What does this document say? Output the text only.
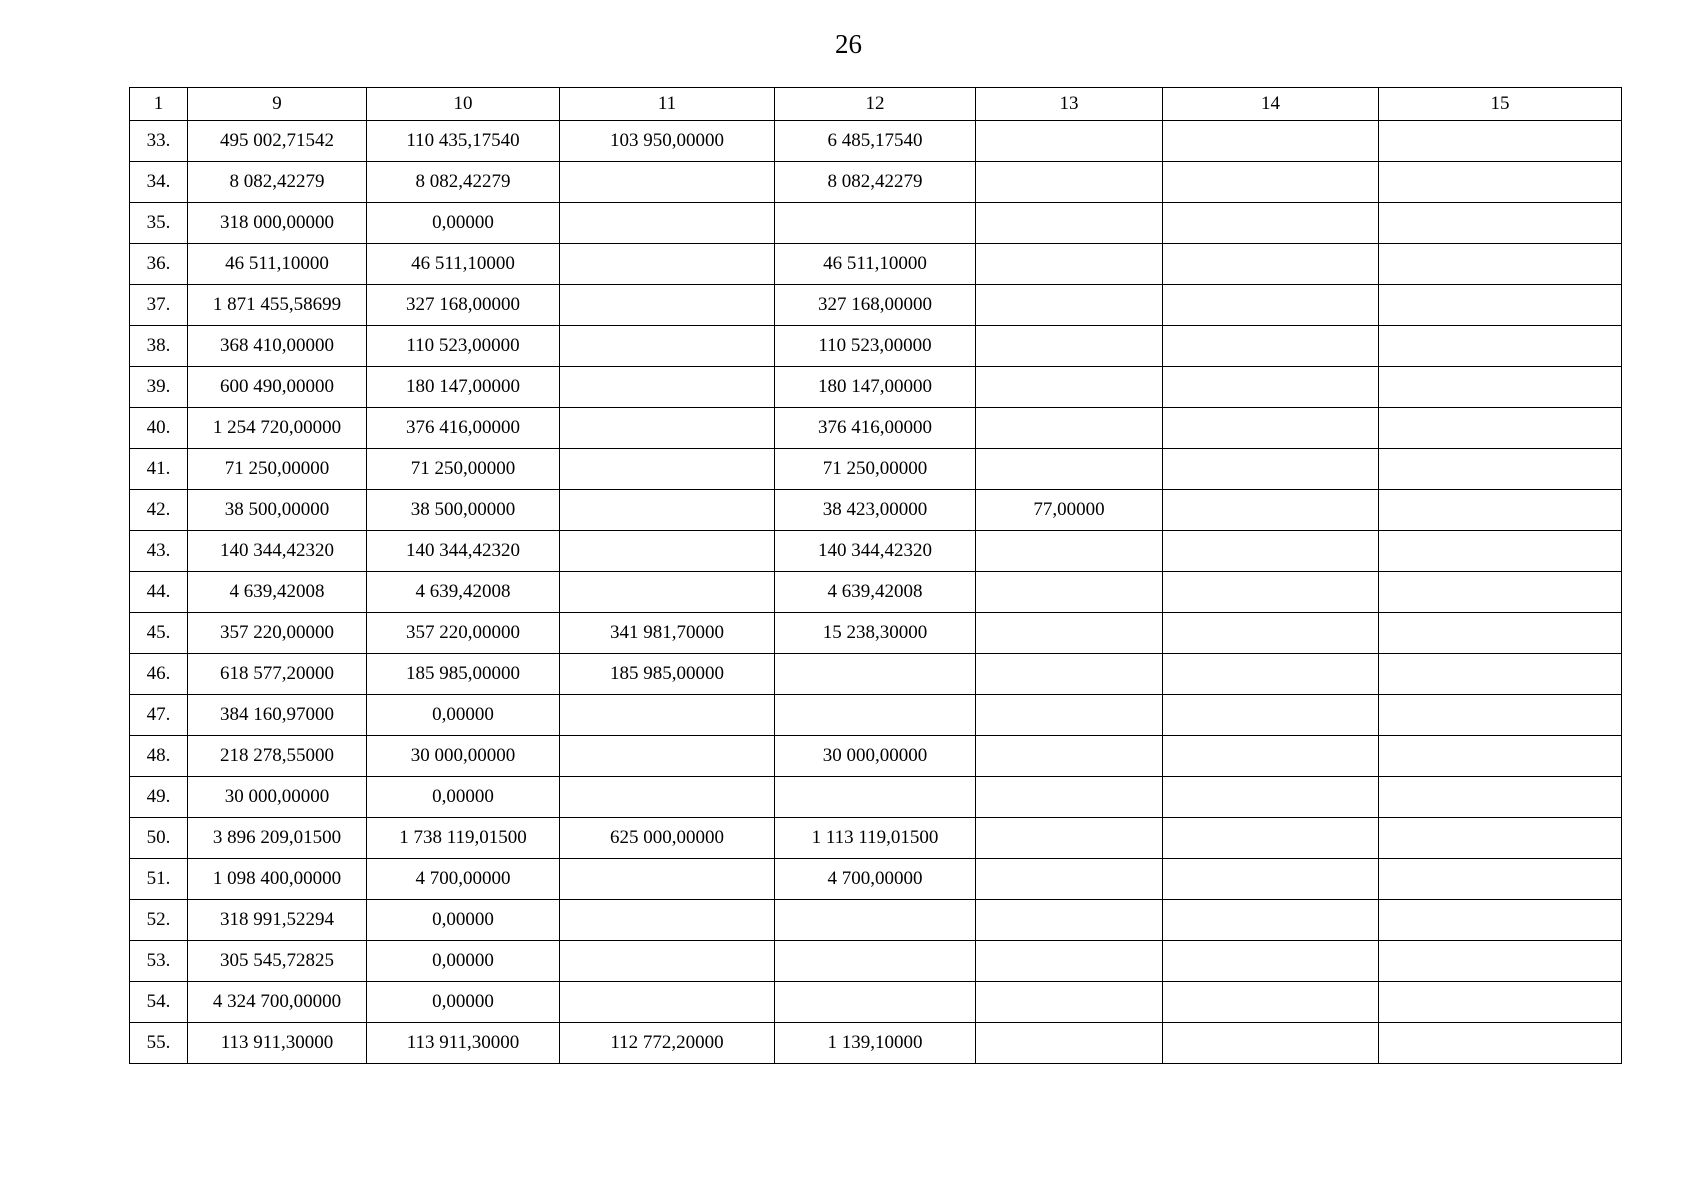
26
1	9	10	11	12	13	14	15
33.	495 002,71542	110 435,17540	103 950,00000	6 485,17540			
34.	8 082,42279	8 082,42279		8 082,42279			
35.	318 000,00000	0,00000					
36.	46 511,10000	46 511,10000		46 511,10000			
37.	1 871 455,58699	327 168,00000		327 168,00000			
38.	368 410,00000	110 523,00000		110 523,00000			
39.	600 490,00000	180 147,00000		180 147,00000			
40.	1 254 720,00000	376 416,00000		376 416,00000			
41.	71 250,00000	71 250,00000		71 250,00000			
42.	38 500,00000	38 500,00000		38 423,00000	77,00000		
43.	140 344,42320	140 344,42320		140 344,42320			
44.	4 639,42008	4 639,42008		4 639,42008			
45.	357 220,00000	357 220,00000	341 981,70000	15 238,30000			
46.	618 577,20000	185 985,00000	185 985,00000				
47.	384 160,97000	0,00000					
48.	218 278,55000	30 000,00000		30 000,00000			
49.	30 000,00000	0,00000					
50.	3 896 209,01500	1 738 119,01500	625 000,00000	1 113 119,01500			
51.	1 098 400,00000	4 700,00000		4 700,00000			
52.	318 991,52294	0,00000					
53.	305 545,72825	0,00000					
54.	4 324 700,00000	0,00000					
55.	113 911,30000	113 911,30000	112 772,20000	1 139,10000			
